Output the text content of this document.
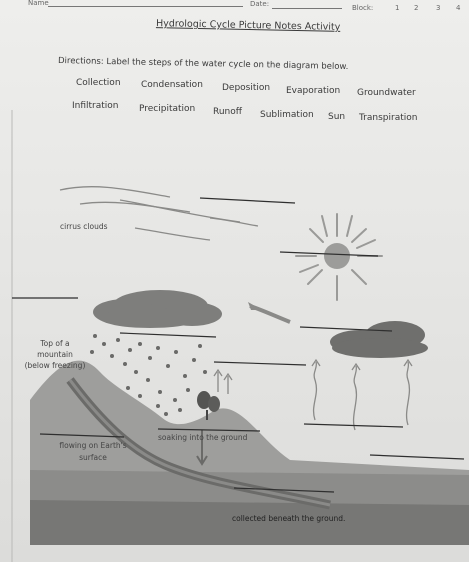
Name	Date:	Block:	1 2	3 4
Hydrologic Cycle Picture Notes Activity
Directions: Label the steps of the water cycle on the diagram below.
Collection Condensation Deposition Evaporation Groundwater
Infiltration Precipitation Runoff Sublimation Sun Transpiration
cirrus clouds
Top of a mountain (below freezing)
flowing on Earth's surface
soaking into the ground
collected beneath the ground.
